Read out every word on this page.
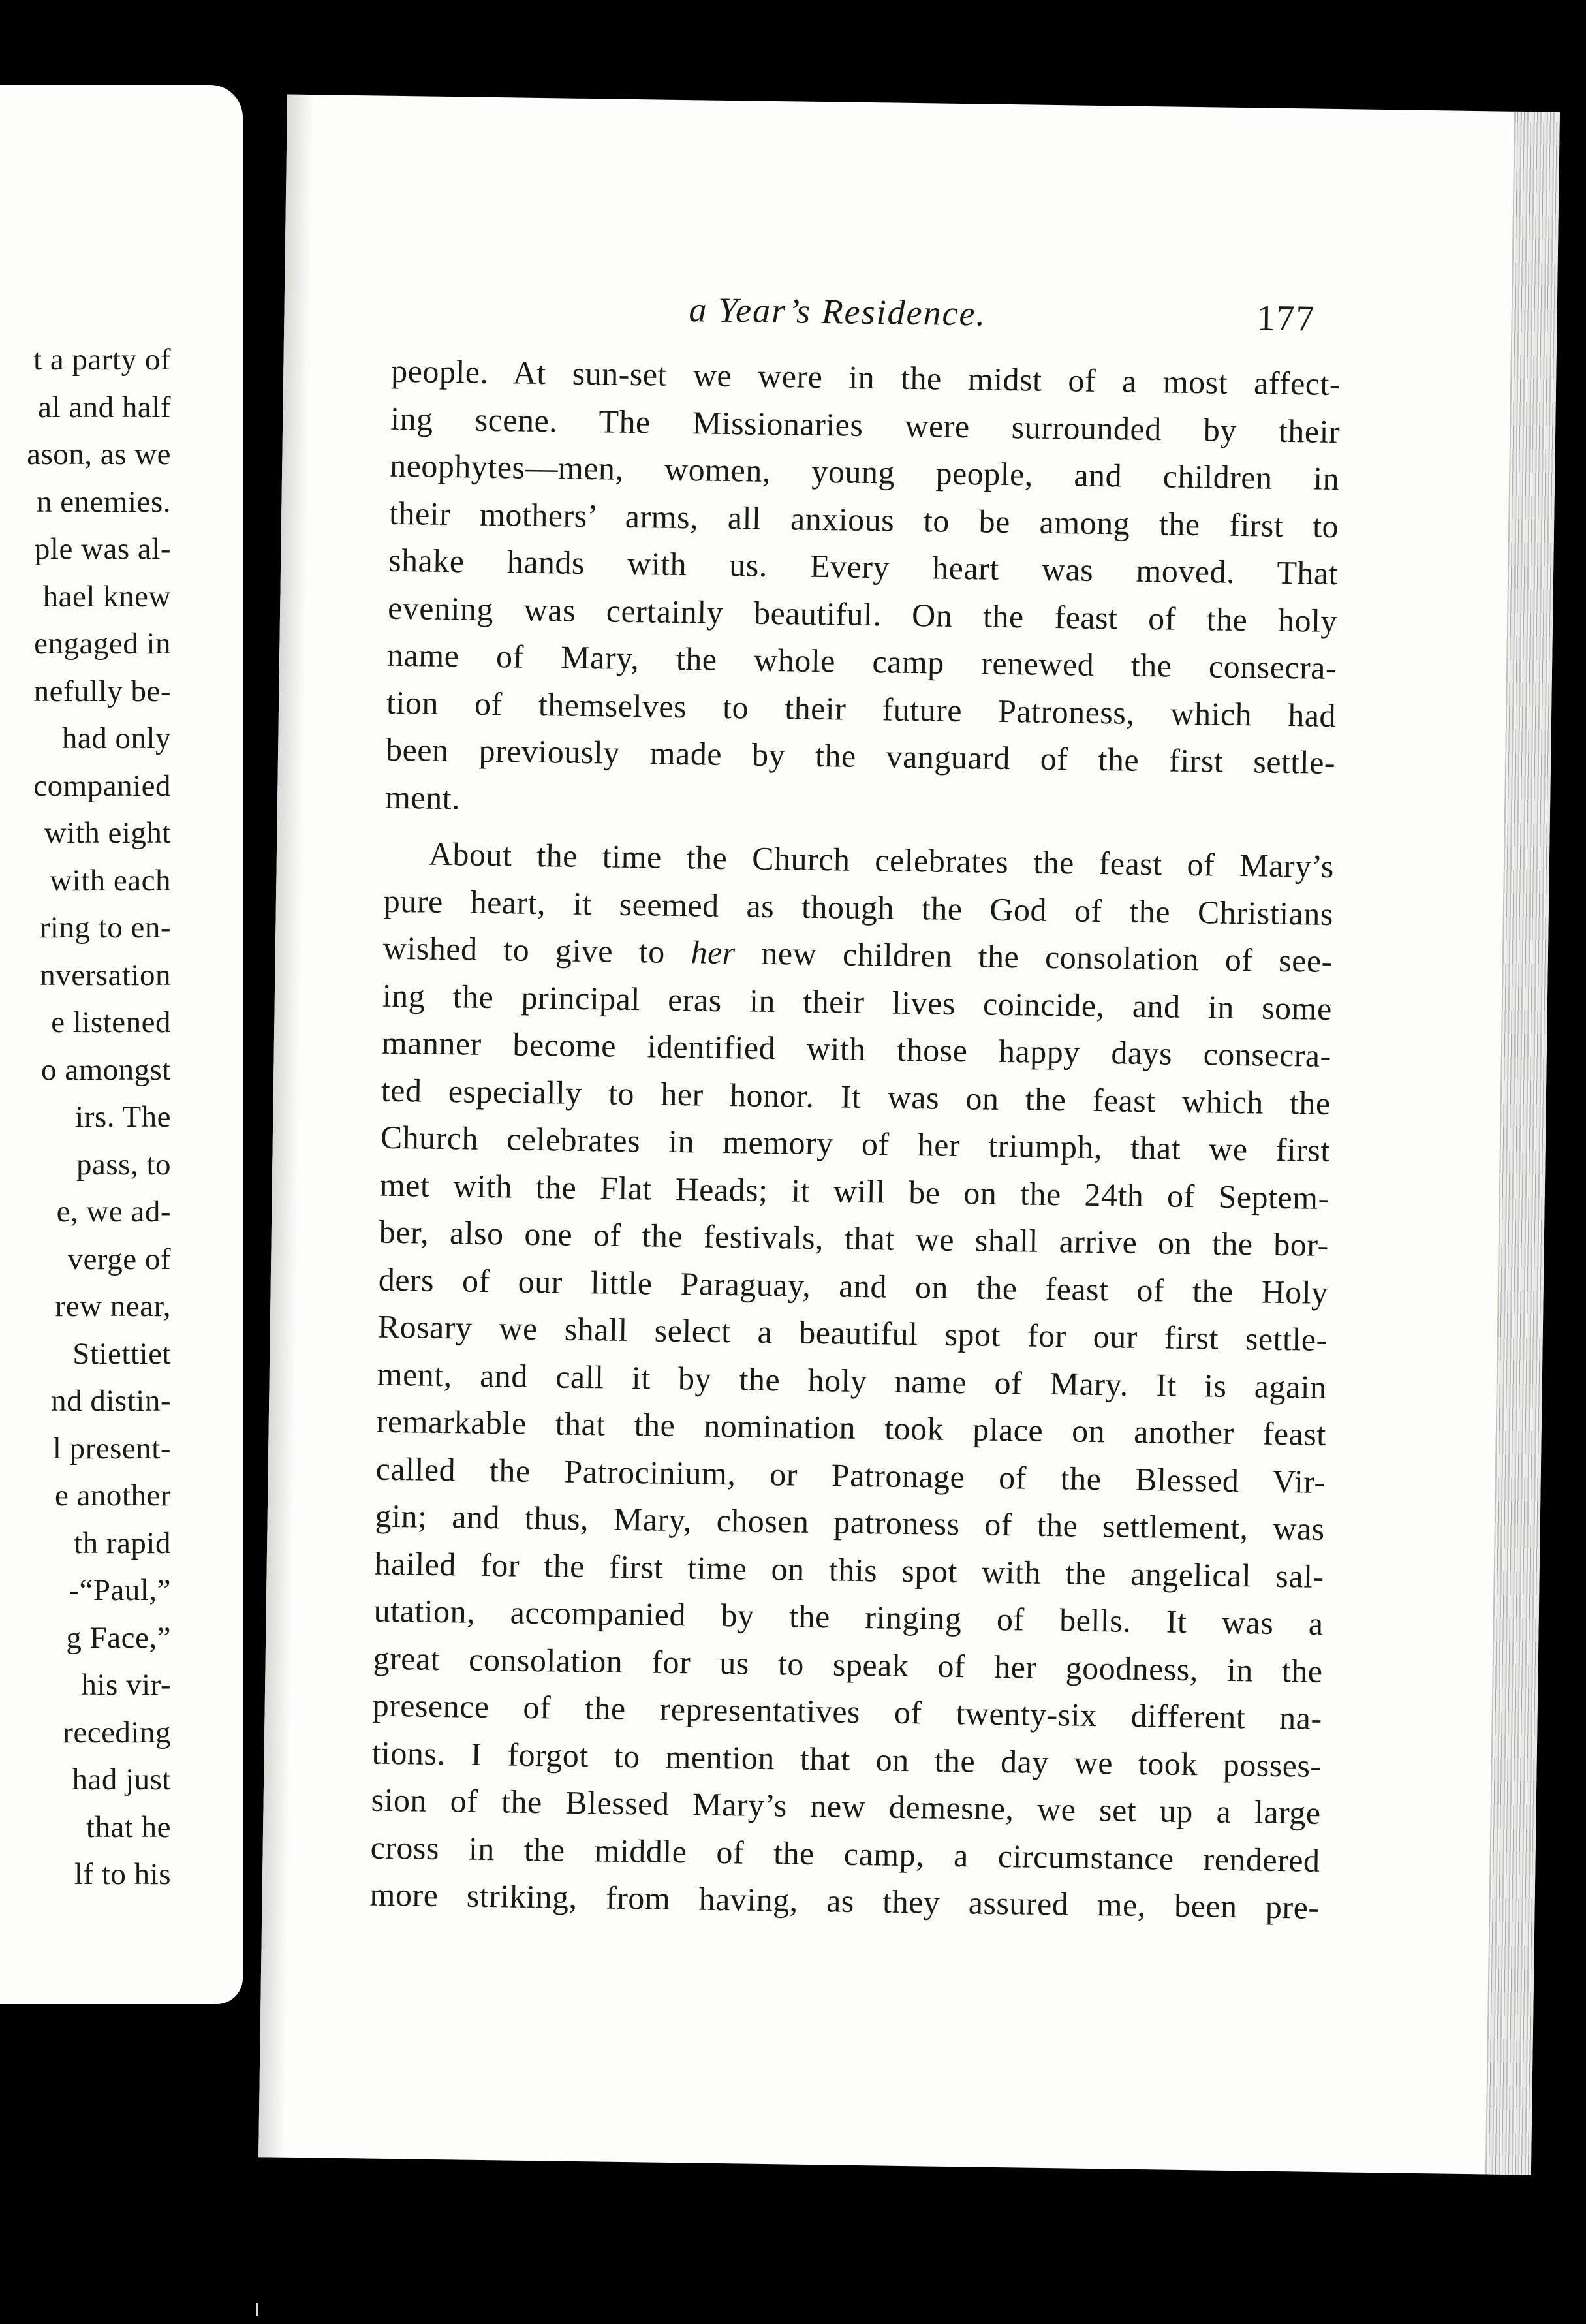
t a party of
al and half
ason, as we
n enemies.
ple was al-
hael knew
engaged in
nefully be-
had only
companied
with eight
with each
ring to en-
nversation
e listened
o amongst
irs. The
pass, to
e, we ad-
verge of
rew near,
Stiettiet
nd distin-
l present-
e another
th rapid
-“Paul,”
g Face,”
his vir-
receding
had just
that he
lf to his
a Year’s Residence.	177
people. At sun-set we were in the midst of a most affect-
ing scene. The Missionaries were surrounded by their
neophytes—men, women, young people, and children in
their mothers’ arms, all anxious to be among the first to
shake hands with us. Every heart was moved. That
evening was certainly beautiful. On the feast of the holy
name of Mary, the whole camp renewed the consecra-
tion of themselves to their future Patroness, which had
been previously made by the vanguard of the first settle-
ment.
About the time the Church celebrates the feast of Mary’s
pure heart, it seemed as though the God of the Christians
wished to give to her new children the consolation of see-
ing the principal eras in their lives coincide, and in some
manner become identified with those happy days consecra-
ted especially to her honor. It was on the feast which the
Church celebrates in memory of her triumph, that we first
met with the Flat Heads; it will be on the 24th of Septem-
ber, also one of the festivals, that we shall arrive on the bor-
ders of our little Paraguay, and on the feast of the Holy
Rosary we shall select a beautiful spot for our first settle-
ment, and call it by the holy name of Mary. It is again
remarkable that the nomination took place on another feast
called the Patrocinium, or Patronage of the Blessed Vir-
gin; and thus, Mary, chosen patroness of the settlement, was
hailed for the first time on this spot with the angelical sal-
utation, accompanied by the ringing of bells. It was a
great consolation for us to speak of her goodness, in the
presence of the representatives of twenty-six different na-
tions. I forgot to mention that on the day we took posses-
sion of the Blessed Mary’s new demesne, we set up a large
cross in the middle of the camp, a circumstance rendered
more striking, from having, as they assured me, been pre-
